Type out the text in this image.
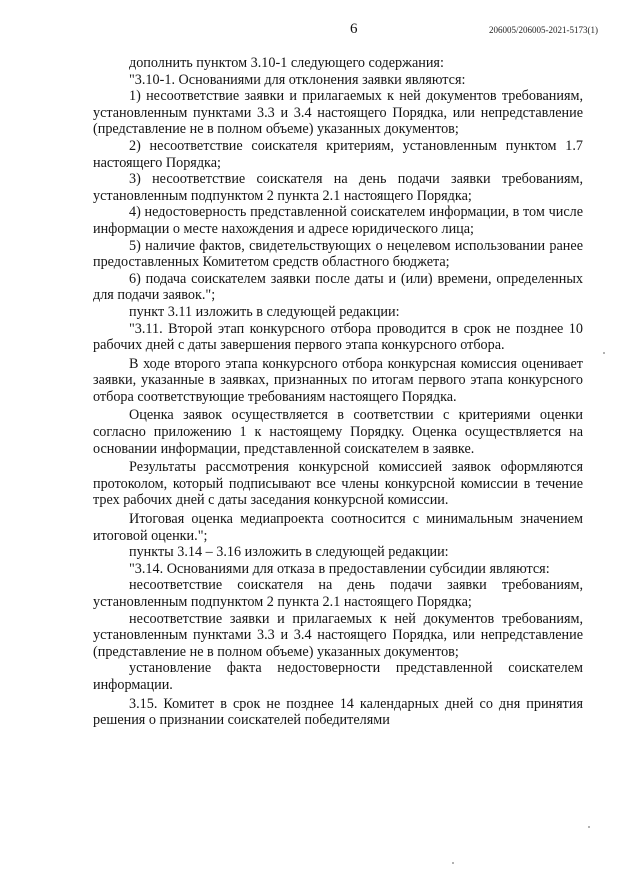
6	206005/206005-2021-5173(1)

дополнить пунктом 3.10-1 следующего содержания:

"3.10-1. Основаниями для отклонения заявки являются:

1) несоответствие заявки и прилагаемых к ней документов требованиям, установленным пунктами 3.3 и 3.4 настоящего Порядка, или непредставление (представление не в полном объеме) указанных документов;

2) несоответствие соискателя критериям, установленным пунктом 1.7 настоящего Порядка;

3) несоответствие соискателя на день подачи заявки требованиям, установленным подпунктом 2 пункта 2.1 настоящего Порядка;

4) недостоверность представленной соискателем информации, в том числе информации о месте нахождения и адресе юридического лица;

5) наличие фактов, свидетельствующих о нецелевом использовании ранее предоставленных Комитетом средств областного бюджета;

6) подача соискателем заявки после даты и (или) времени, определенных для подачи заявок.";

пункт 3.11 изложить в следующей редакции:

"3.11. Второй этап конкурсного отбора проводится в срок не позднее 10 рабочих дней с даты завершения первого этапа конкурсного отбора.

В ходе второго этапа конкурсного отбора конкурсная комиссия оценивает заявки, указанные в заявках, признанных по итогам первого этапа конкурсного отбора соответствующие требованиям настоящего Порядка.

Оценка заявок осуществляется в соответствии с критериями оценки согласно приложению 1 к настоящему Порядку. Оценка осуществляется на основании информации, представленной соискателем в заявке.

Результаты рассмотрения конкурсной комиссией заявок оформляются протоколом, который подписывают все члены конкурсной комиссии в течение трех рабочих дней с даты заседания конкурсной комиссии.

Итоговая оценка медиапроекта соотносится с минимальным значением итоговой оценки.";

пункты 3.14 – 3.16 изложить в следующей редакции:

"3.14. Основаниями для отказа в предоставлении субсидии являются:

несоответствие соискателя на день подачи заявки требованиям, установленным подпунктом 2 пункта 2.1 настоящего Порядка;

несоответствие заявки и прилагаемых к ней документов требованиям, установленным пунктами 3.3 и 3.4 настоящего Порядка, или непредставление (представление не в полном объеме) указанных документов;

установление факта недостоверности представленной соискателем информации.

3.15. Комитет в срок не позднее 14 календарных дней со дня принятия решения о признании соискателей победителями
